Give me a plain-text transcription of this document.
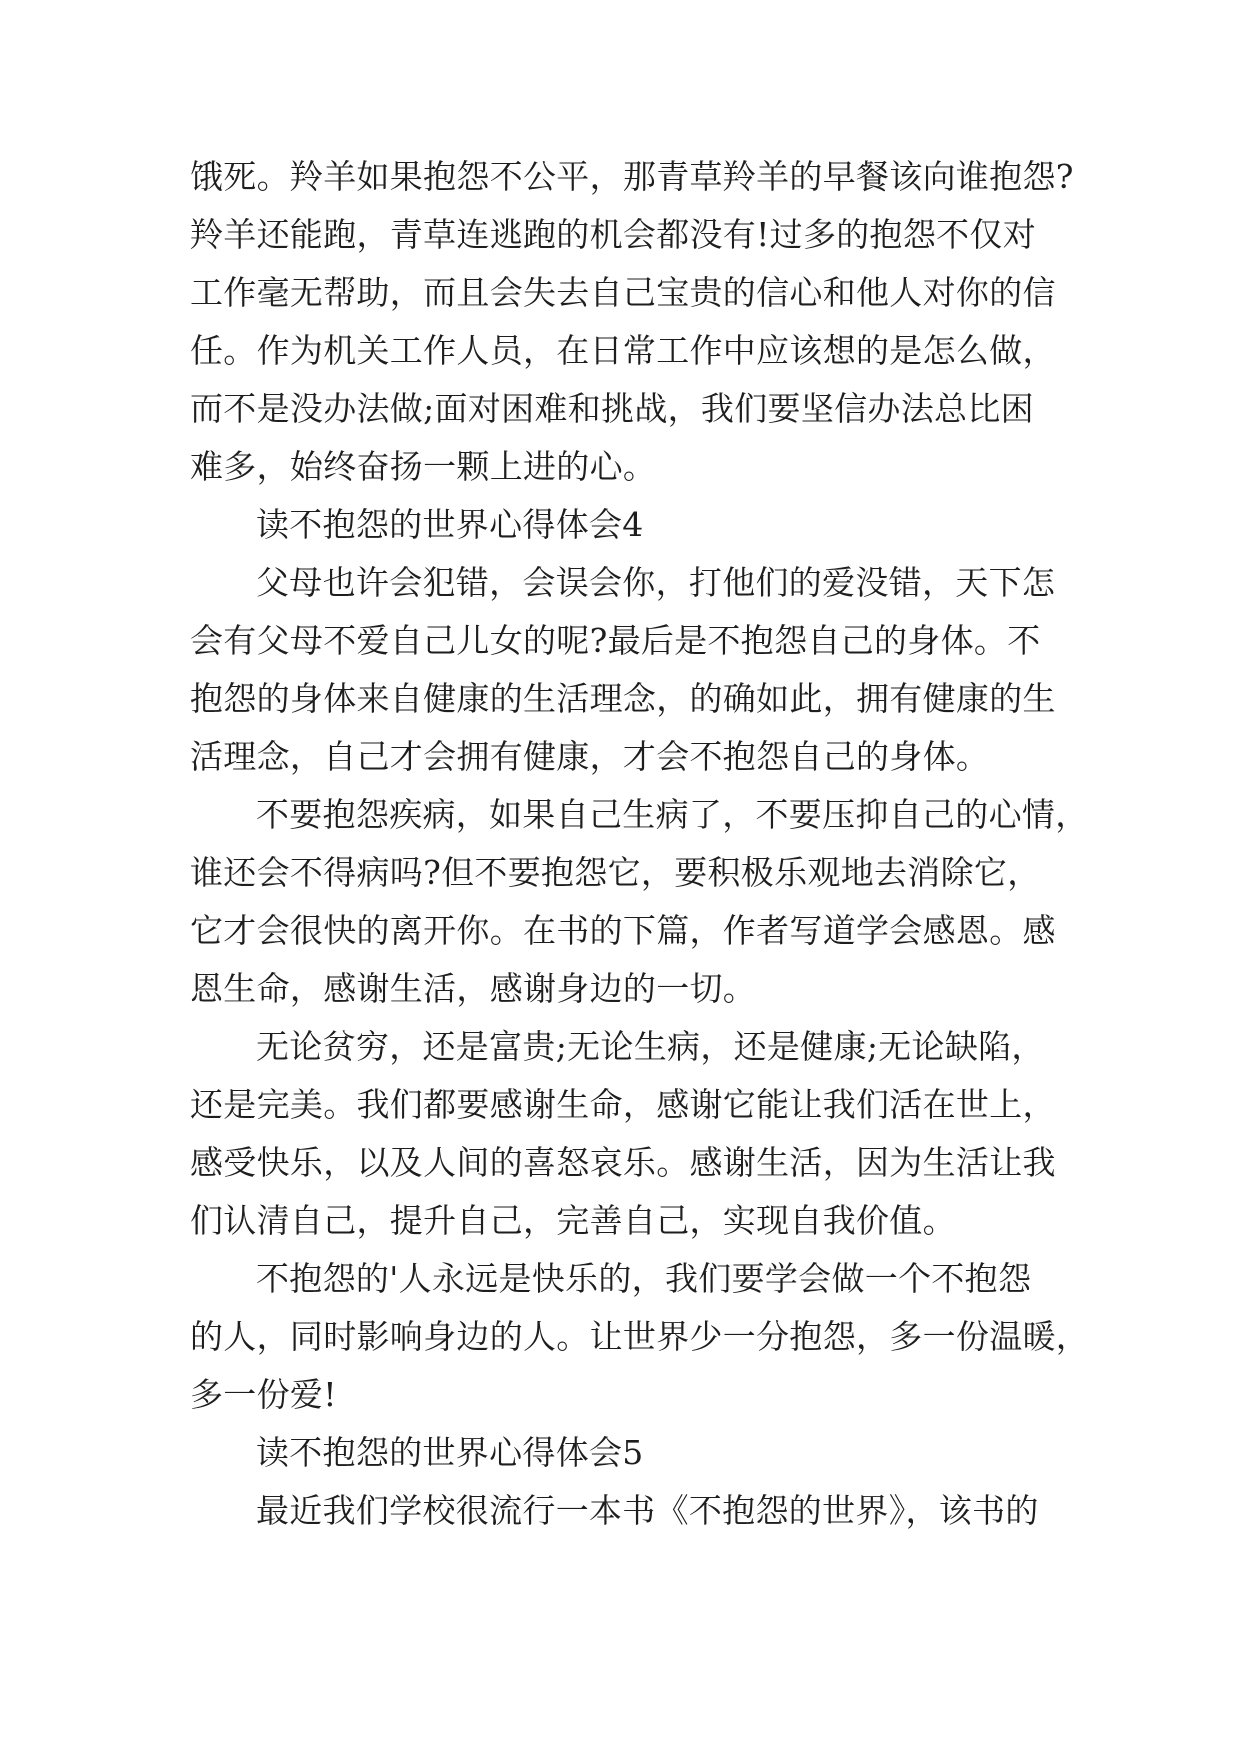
饿死。羚羊如果抱怨不公平，那青草羚羊的早餐该向谁抱怨?
羚羊还能跑，青草连逃跑的机会都没有!过多的抱怨不仅对
工作毫无帮助，而且会失去自己宝贵的信心和他人对你的信
任。作为机关工作人员，在日常工作中应该想的是怎么做，
而不是没办法做;面对困难和挑战，我们要坚信办法总比困
难多，始终奋扬一颗上进的心。
读不抱怨的世界心得体会4
父母也许会犯错，会误会你，打他们的爱没错，天下怎
会有父母不爱自己儿女的呢?最后是不抱怨自己的身体。不
抱怨的身体来自健康的生活理念，的确如此，拥有健康的生
活理念，自己才会拥有健康，才会不抱怨自己的身体。
不要抱怨疾病，如果自己生病了，不要压抑自己的心情，
谁还会不得病吗?但不要抱怨它，要积极乐观地去消除它，
它才会很快的离开你。在书的下篇，作者写道学会感恩。感
恩生命，感谢生活，感谢身边的一切。
无论贫穷，还是富贵;无论生病，还是健康;无论缺陷，
还是完美。我们都要感谢生命，感谢它能让我们活在世上，
感受快乐，以及人间的喜怒哀乐。感谢生活，因为生活让我
们认清自己，提升自己，完善自己，实现自我价值。
不抱怨的'人永远是快乐的，我们要学会做一个不抱怨
的人，同时影响身边的人。让世界少一分抱怨，多一份温暖，
多一份爱!
读不抱怨的世界心得体会5
最近我们学校很流行一本书《不抱怨的世界》，该书的
